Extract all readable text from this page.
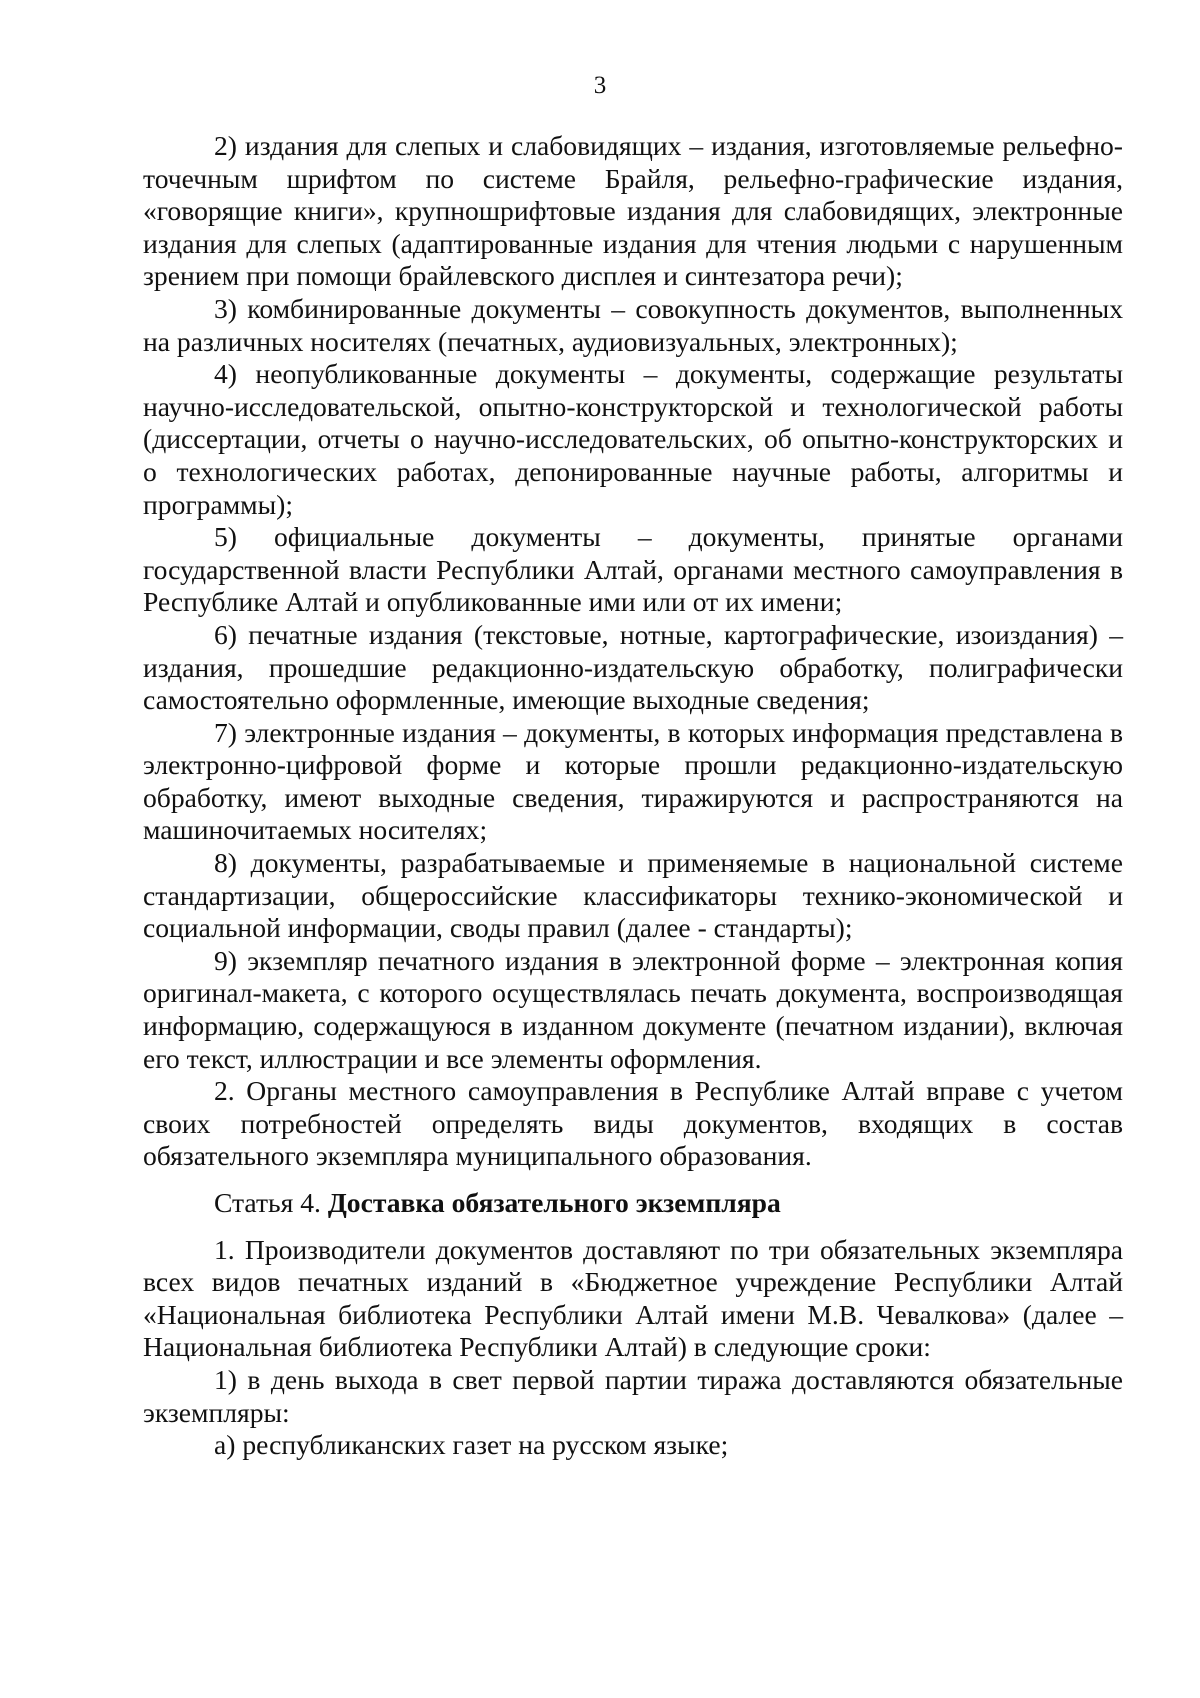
3

2) издания для слепых и слабовидящих – издания, изготовляемые рельефно-точечным шрифтом по системе Брайля, рельефно-графические издания, «говорящие книги», крупношрифтовые издания для слабовидящих, электронные издания для слепых (адаптированные издания для чтения людьми с нарушенным зрением при помощи брайлевского дисплея и синтезатора речи);

3) комбинированные документы – совокупность документов, выполненных на различных носителях (печатных, аудиовизуальных, электронных);

4) неопубликованные документы – документы, содержащие результаты научно-исследовательской, опытно-конструкторской и технологической работы (диссертации, отчеты о научно-исследовательских, об опытно-конструкторских и о технологических работах, депонированные научные работы, алгоритмы и программы);

5) официальные документы – документы, принятые органами государственной власти Республики Алтай, органами местного самоуправления в Республике Алтай и опубликованные ими или от их имени;

6) печатные издания (текстовые, нотные, картографические, изоиздания) – издания, прошедшие редакционно-издательскую обработку, полиграфически самостоятельно оформленные, имеющие выходные сведения;

7) электронные издания – документы, в которых информация представлена в электронно-цифровой форме и которые прошли редакционно-издательскую обработку, имеют выходные сведения, тиражируются и распространяются на машиночитаемых носителях;

8) документы, разрабатываемые и применяемые в национальной системе стандартизации, общероссийские классификаторы технико-экономической и социальной информации, своды правил (далее - стандарты);

9) экземпляр печатного издания в электронной форме – электронная копия оригинал-макета, с которого осуществлялась печать документа, воспроизводящая информацию, содержащуюся в изданном документе (печатном издании), включая его текст, иллюстрации и все элементы оформления.

2. Органы местного самоуправления в Республике Алтай вправе с учетом своих потребностей определять виды документов, входящих в состав обязательного экземпляра муниципального образования.

Статья 4. Доставка обязательного экземпляра

1. Производители документов доставляют по три обязательных экземпляра всех видов печатных изданий в «Бюджетное учреждение Республики Алтай «Национальная библиотека Республики Алтай имени М.В. Чевалкова» (далее – Национальная библиотека Республики Алтай) в следующие сроки:

1) в день выхода в свет первой партии тиража доставляются обязательные экземпляры:

а) республиканских газет на русском языке;
